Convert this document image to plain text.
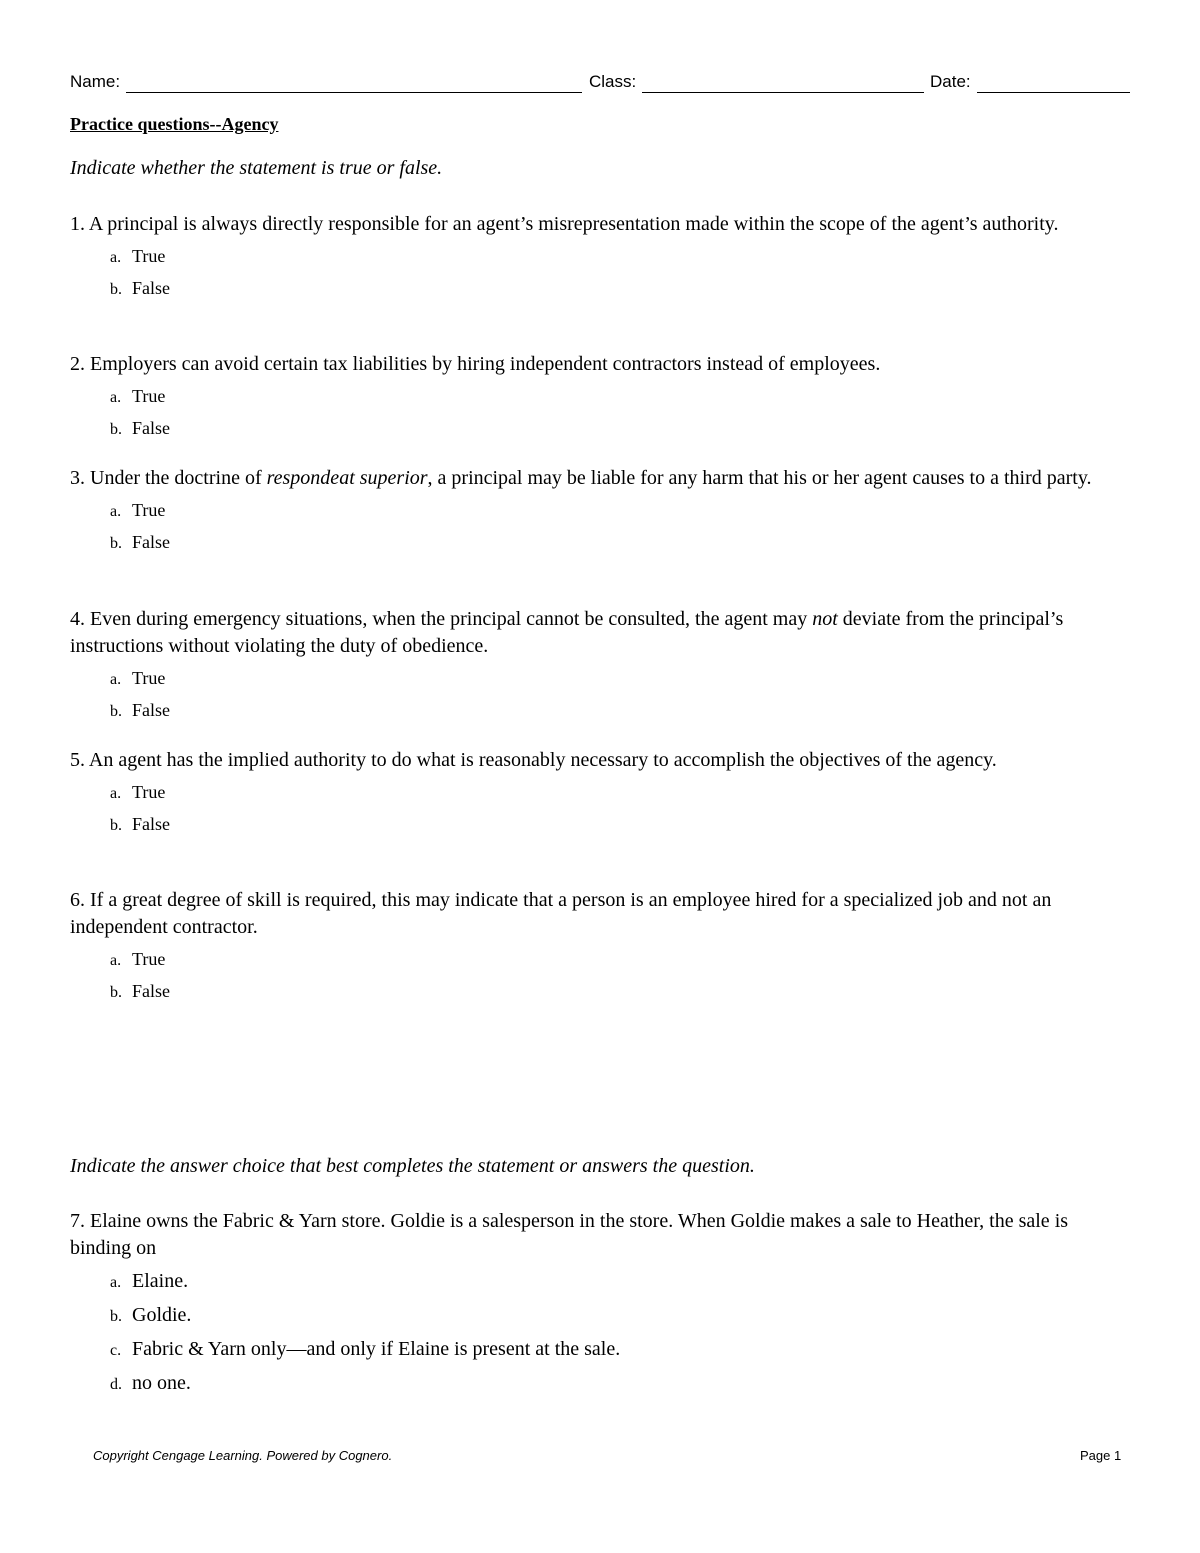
Name:	Class:	Date:
Practice questions--Agency
Indicate whether the statement is true or false.
1. A principal is always directly responsible for an agent’s misrepresentation made within the scope of the agent’s authority.
a. True
b. False
2. Employers can avoid certain tax liabilities by hiring independent contractors instead of employees.
a. True
b. False
3. Under the doctrine of respondeat superior, a principal may be liable for any harm that his or her agent causes to a third party.
a. True
b. False
4. Even during emergency situations, when the principal cannot be consulted, the agent may not deviate from the principal’s instructions without violating the duty of obedience.
a. True
b. False
5. An agent has the implied authority to do what is reasonably necessary to accomplish the objectives of the agency.
a. True
b. False
6. If a great degree of skill is required, this may indicate that a person is an employee hired for a specialized job and not an independent contractor.
a. True
b. False
Indicate the answer choice that best completes the statement or answers the question.
7. Elaine owns the Fabric & Yarn store. Goldie is a salesperson in the store. When Goldie makes a sale to Heather, the sale is binding on
a. Elaine.
b. Goldie.
c. Fabric & Yarn only—and only if Elaine is present at the sale.
d. no one.
Copyright Cengage Learning. Powered by Cognero.	Page 1
